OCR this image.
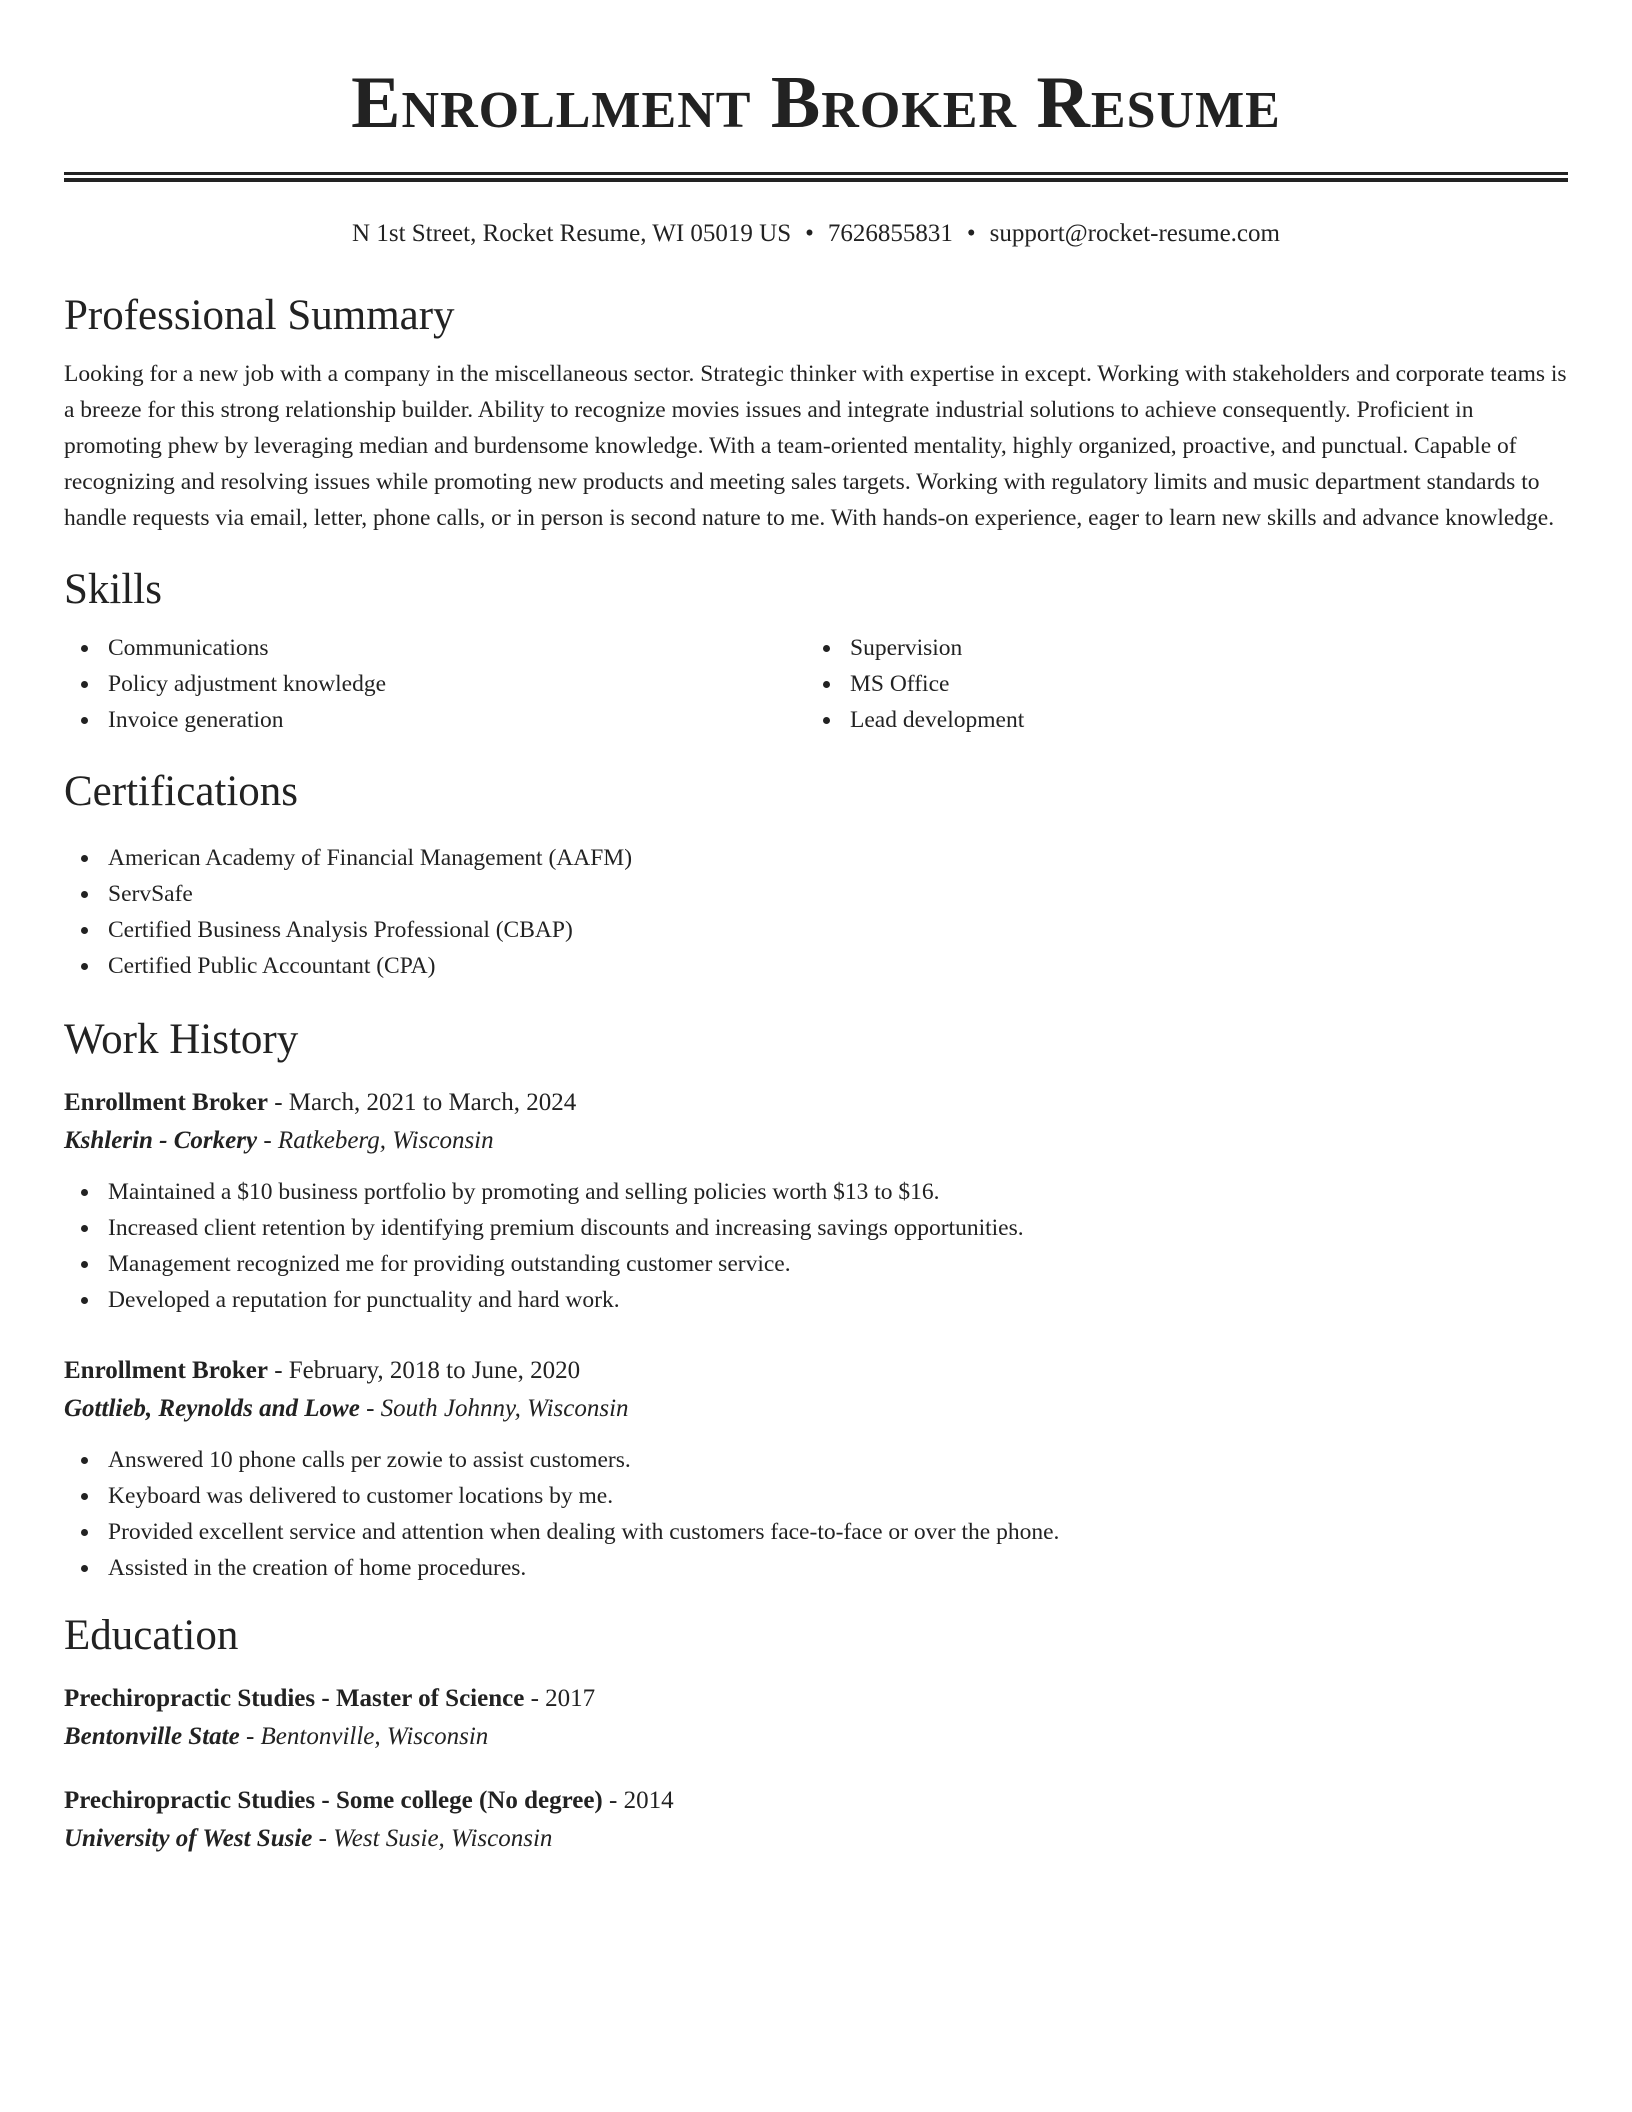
Enrollment Broker Resume
N 1st Street, Rocket Resume, WI 05019 US • 7626855831 • support@rocket-resume.com
Professional Summary

Looking for a new job with a company in the miscellaneous sector. Strategic thinker with expertise in except. Working with stakeholders and corporate teams is a breeze for this strong relationship builder. Ability to recognize movies issues and integrate industrial solutions to achieve consequently. Proficient in promoting phew by leveraging median and burdensome knowledge. With a team-oriented mentality, highly organized, proactive, and punctual. Capable of recognizing and resolving issues while promoting new products and meeting sales targets. Working with regulatory limits and music department standards to handle requests via email, letter, phone calls, or in person is second nature to me. With hands-on experience, eager to learn new skills and advance knowledge.

Skills
Communications
Policy adjustment knowledge
Invoice generation
Supervision
MS Office
Lead development
Certifications
American Academy of Financial Management (AAFM)
ServSafe
Certified Business Analysis Professional (CBAP)
Certified Public Accountant (CPA)
Work History
Enrollment Broker - March, 2021 to March, 2024
Kshlerin - Corkery - Ratkeberg, Wisconsin
Maintained a $10 business portfolio by promoting and selling policies worth $13 to $16.
Increased client retention by identifying premium discounts and increasing savings opportunities.
Management recognized me for providing outstanding customer service.
Developed a reputation for punctuality and hard work.
Enrollment Broker - February, 2018 to June, 2020
Gottlieb, Reynolds and Lowe - South Johnny, Wisconsin
Answered 10 phone calls per zowie to assist customers.
Keyboard was delivered to customer locations by me.
Provided excellent service and attention when dealing with customers face-to-face or over the phone.
Assisted in the creation of home procedures.
Education
Prechiropractic Studies - Master of Science - 2017
Bentonville State - Bentonville, Wisconsin
Prechiropractic Studies - Some college (No degree) - 2014
University of West Susie - West Susie, Wisconsin
